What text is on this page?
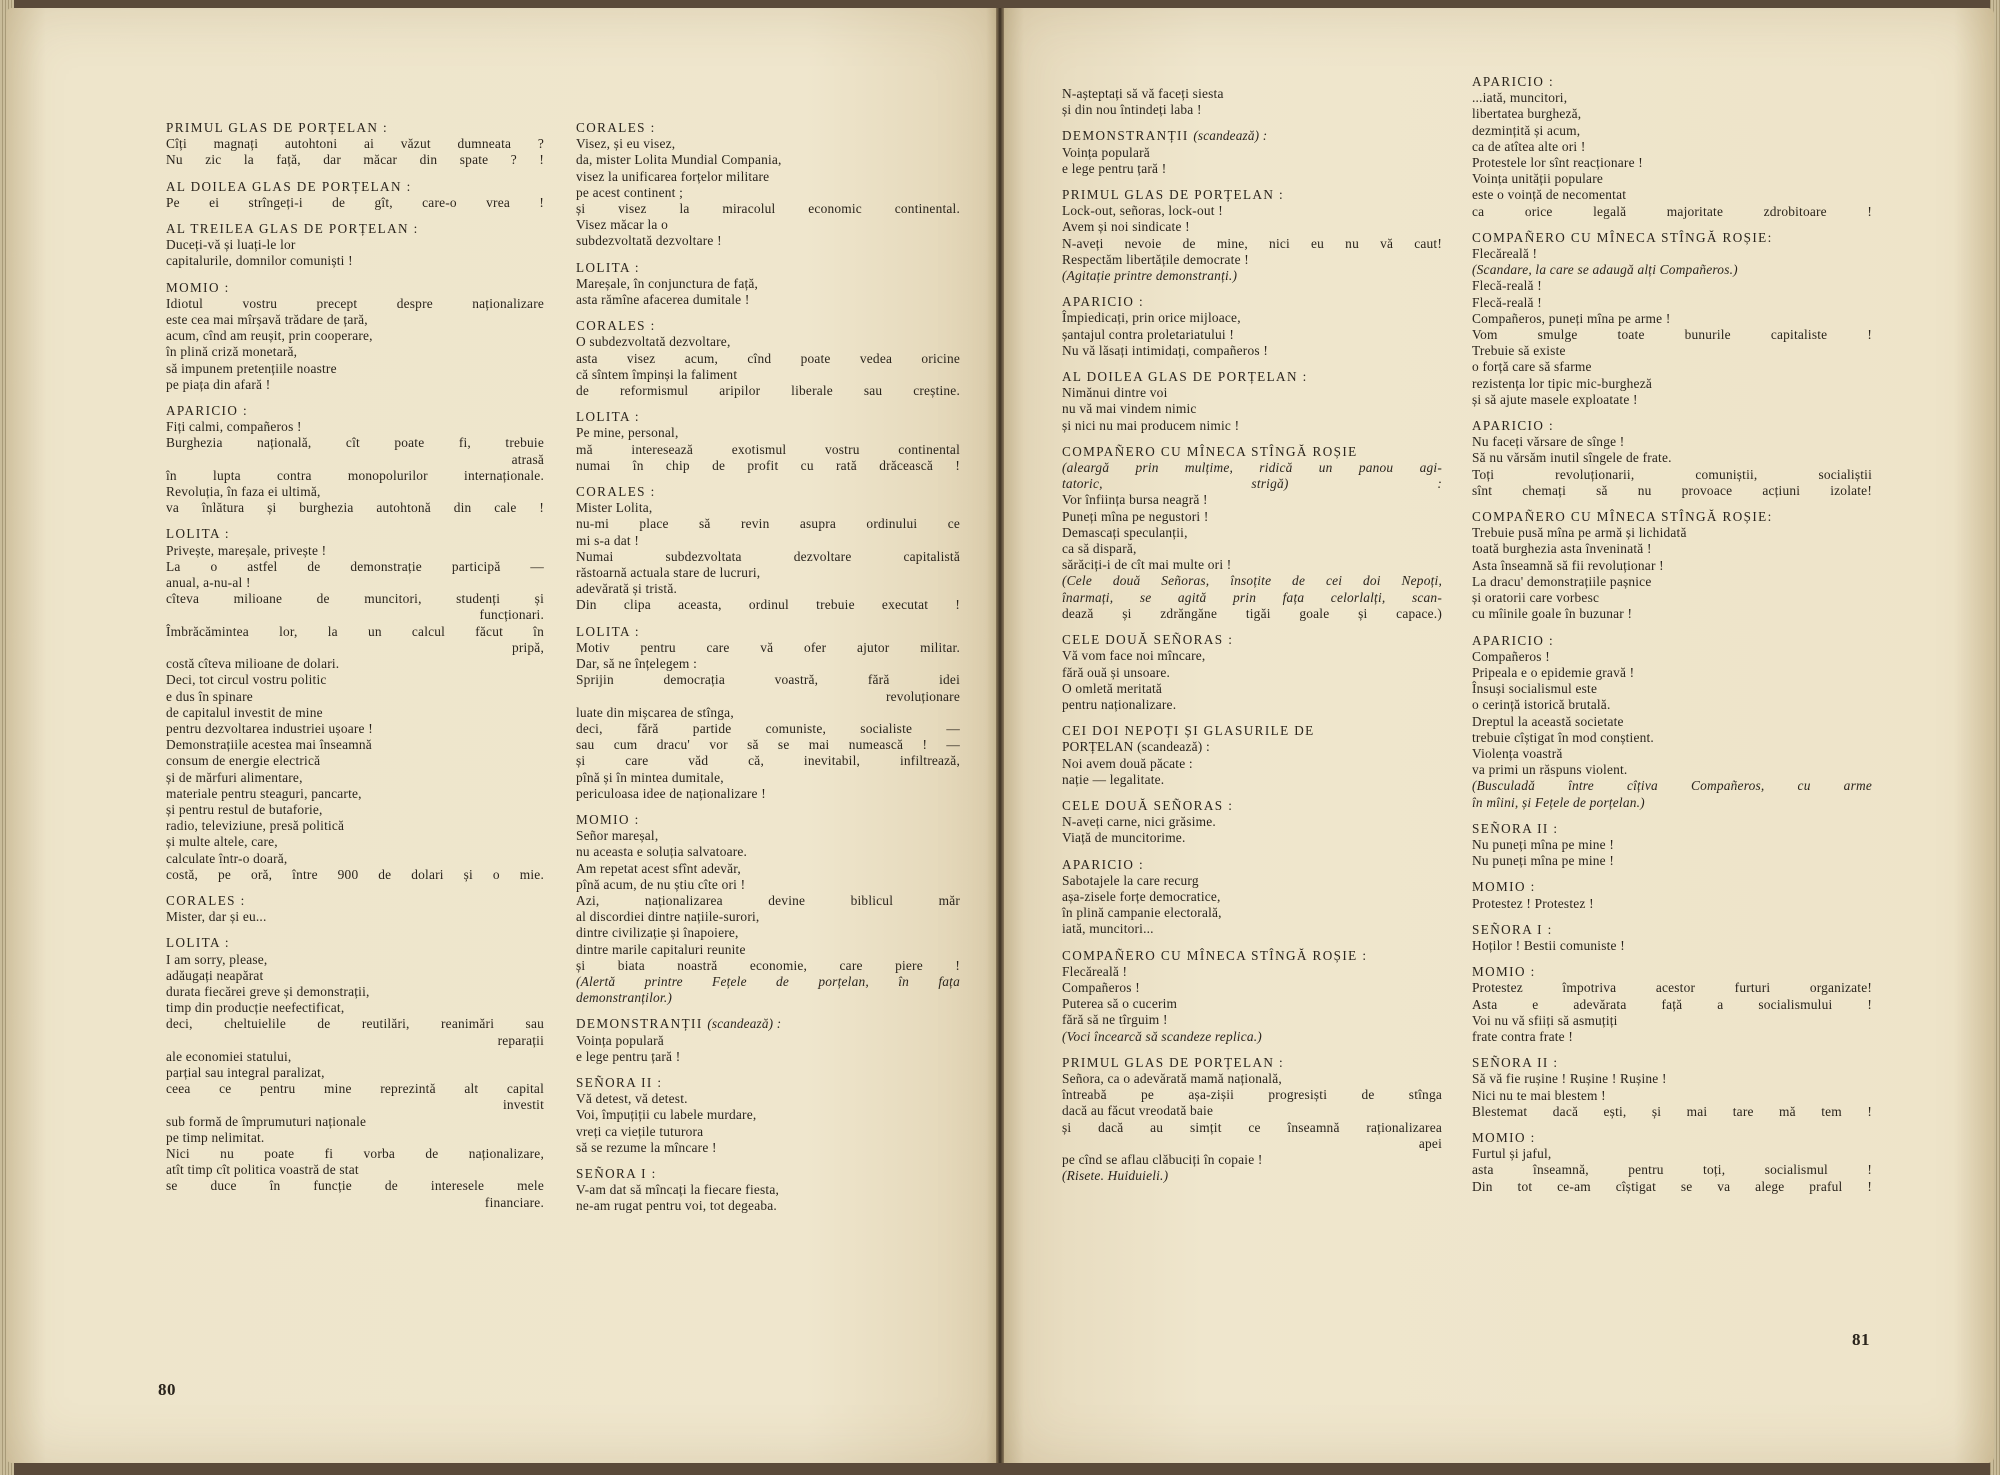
PRIMUL GLAS DE PORȚELAN :
Cîți magnați autohtoni ai văzut dumneata ?
Nu zic la față, dar măcar din spate ? !
AL DOILEA GLAS DE PORȚELAN :
Pe ei strîngeți-i de gît, care-o vrea !
AL TREILEA GLAS DE PORȚELAN :
Duceți-vă și luați-le lor
capitalurile, domnilor comuniști !
MOMIO :
Idiotul vostru precept despre naționalizare
este cea mai mîrșavă trădare de țară,
acum, cînd am reușit, prin cooperare,
în plină criză monetară,
să impunem pretențiile noastre
pe piața din afară !
APARICIO :
Fiți calmi, compañeros !
Burghezia națională, cît poate fi, trebuie
atrasă
în lupta contra monopolurilor internaționale.
Revoluția, în faza ei ultimă,
va înlătura și burghezia autohtonă din cale !
LOLITA :
Privește, mareșale, privește !
La o astfel de demonstrație participă —
anual, a-nu-al !
cîteva milioane de muncitori, studenți și
funcționari.
Îmbrăcămintea lor, la un calcul făcut în
pripă,
costă cîteva milioane de dolari.
Deci, tot circul vostru politic
e dus în spinare
de capitalul investit de mine
pentru dezvoltarea industriei ușoare !
Demonstrațiile acestea mai înseamnă
consum de energie electrică
și de mărfuri alimentare,
materiale pentru steaguri, pancarte,
și pentru restul de butaforie,
radio, televiziune, presă politică
și multe altele, care,
calculate într-o doară,
costă, pe oră, între 900 de dolari și o mie.
CORALES :
Mister, dar și eu...
LOLITA :
I am sorry, please,
adăugați neapărat
durata fiecărei greve și demonstrații,
timp din producție neefectificat,
deci, cheltuielile de reutilări, reanimări sau
reparații
ale economiei statului,
parțial sau integral paralizat,
ceea ce pentru mine reprezintă alt capital
investit
sub formă de împrumuturi naționale
pe timp nelimitat.
Nici nu poate fi vorba de naționalizare,
atît timp cît politica voastră de stat
se duce în funcție de interesele mele
financiare.
CORALES :
Visez, și eu visez,
da, mister Lolita Mundial Compania,
visez la unificarea forțelor militare
pe acest continent ;
și visez la miracolul economic continental.
Visez măcar la o
subdezvoltată dezvoltare !
LOLITA :
Mareșale, în conjunctura de față,
asta rămîne afacerea dumitale !
CORALES :
O subdezvoltată dezvoltare,
asta visez acum, cînd poate vedea oricine
că sîntem împinși la faliment
de reformismul aripilor liberale sau creștine.
LOLITA :
Pe mine, personal,
mă interesează exotismul vostru continental
numai în chip de profit cu rată drăcească !
CORALES :
Mister Lolita,
nu-mi place să revin asupra ordinului ce
mi s-a dat !
Numai subdezvoltata dezvoltare capitalistă
răstoarnă actuala stare de lucruri,
adevărată și tristă.
Din clipa aceasta, ordinul trebuie executat !
LOLITA :
Motiv pentru care vă ofer ajutor militar.
Dar, să ne înțelegem :
Sprijin democrația voastră, fără idei
revoluționare
luate din mișcarea de stînga,
deci, fără partide comuniste, socialiste —
sau cum dracu' vor să se mai numească ! —
și care văd că, inevitabil, infiltrează,
pînă și în mintea dumitale,
periculoasa idee de naționalizare !
MOMIO :
Señor mareșal,
nu aceasta e soluția salvatoare.
Am repetat acest sfînt adevăr,
pînă acum, de nu știu cîte ori !
Azi, naționalizarea devine biblicul măr
al discordiei dintre națiile-surori,
dintre civilizație și înapoiere,
dintre marile capitaluri reunite
și biata noastră economie, care piere !
(Alertă printre Fețele de porțelan, în fața
demonstranților.)
DEMONSTRANȚII (scandează) :
Voința populară
e lege pentru țară !
SEÑORA II :
Vă detest, vă detest.
Voi, împuțiții cu labele murdare,
vreți ca viețile tuturora
să se rezume la mîncare !
SEÑORA I :
V-am dat să mîncați la fiecare fiesta,
ne-am rugat pentru voi, tot degeaba.
80
N-așteptați să vă faceți siesta
și din nou întindeți laba !
DEMONSTRANȚII (scandează) :
Voința populară
e lege pentru țară !
PRIMUL GLAS DE PORȚELAN :
Lock-out, señoras, lock-out !
Avem și noi sindicate !
N-aveți nevoie de mine, nici eu nu vă caut!
Respectăm libertățile democrate !
(Agitație printre demonstranți.)
APARICIO :
Împiedicați, prin orice mijloace,
șantajul contra proletariatului !
Nu vă lăsați intimidați, compañeros !
AL DOILEA GLAS DE PORȚELAN :
Nimănui dintre voi
nu vă mai vindem nimic
și nici nu mai producem nimic !
COMPAÑERO CU MÎNECA STÎNGĂ ROȘIE
(aleargă prin mulțime, ridică un panou agi-
tatoric, strigă) :
Vor înființa bursa neagră !
Puneți mîna pe negustori !
Demascați speculanții,
ca să dispară,
sărăciți-i de cît mai multe ori !
(Cele două Señoras, însoțite de cei doi Nepoți,
înarmați, se agită prin fața celorlalți, scan-
dează și zdrăngăne tigăi goale și capace.)
CELE DOUĂ SEÑORAS :
Vă vom face noi mîncare,
fără ouă și unsoare.
O omletă meritată
pentru naționalizare.
CEI DOI NEPOȚI ȘI GLASURILE DE
PORȚELAN (scandează) :
Noi avem două păcate :
nație — legalitate.
CELE DOUĂ SEÑORAS :
N-aveți carne, nici grăsime.
Viață de muncitorime.
APARICIO :
Sabotajele la care recurg
așa-zisele forțe democratice,
în plină campanie electorală,
iată, muncitori...
COMPAÑERO CU MÎNECA STÎNGĂ ROȘIE :
Flecăreală !
Compañeros !
Puterea să o cucerim
fără să ne tîrguim !
(Voci încearcă să scandeze replica.)
PRIMUL GLAS DE PORȚELAN :
Señora, ca o adevărată mamă națională,
întreabă pe așa-zișii progresiști de stînga
dacă au făcut vreodată baie
și dacă au simțit ce înseamnă raționalizarea
apei
pe cînd se aflau clăbuciți în copaie !
(Risete. Huiduieli.)
APARICIO :
...iată, muncitori,
libertatea burgheză,
dezmințită și acum,
ca de atîtea alte ori !
Protestele lor sînt reacționare !
Voința unității populare
este o voință de necomentat
ca orice legală majoritate zdrobitoare !
COMPAÑERO CU MÎNECA STÎNGĂ ROȘIE:
Flecăreală !
(Scandare, la care se adaugă alți Compañeros.)
Flecă-reală !
Flecă-reală !
Compañeros, puneți mîna pe arme !
Vom smulge toate bunurile capitaliste !
Trebuie să existe
o forță care să sfarme
rezistența lor tipic mic-burgheză
și să ajute masele exploatate !
APARICIO :
Nu faceți vărsare de sînge !
Să nu vărsăm inutil sîngele de frate.
Toți revoluționarii, comuniștii, socialiștii
sînt chemați să nu provoace acțiuni izolate!
COMPAÑERO CU MÎNECA STÎNGĂ ROȘIE:
Trebuie pusă mîna pe armă și lichidată
toată burghezia asta înveninată !
Asta înseamnă să fii revoluționar !
La dracu' demonstrațiile pașnice
și oratorii care vorbesc
cu mîinile goale în buzunar !
APARICIO :
Compañeros !
Pripeala e o epidemie gravă !
Însuși socialismul este
o cerință istorică brutală.
Dreptul la această societate
trebuie cîștigat în mod conștient.
Violența voastră
va primi un răspuns violent.
(Busculadă între cîțiva Compañeros, cu arme
în mîini, și Fețele de porțelan.)
SEÑORA II :
Nu puneți mîna pe mine !
Nu puneți mîna pe mine !
MOMIO :
Protestez ! Protestez !
SEÑORA I :
Hoților ! Bestii comuniste !
MOMIO :
Protestez împotriva acestor furturi organizate!
Asta e adevărata față a socialismului !
Voi nu vă sfiiți să asmuțiți
frate contra frate !
SEÑORA II :
Să vă fie rușine ! Rușine ! Rușine !
Nici nu te mai blestem !
Blestemat dacă ești, și mai tare mă tem !
MOMIO :
Furtul și jaful,
asta înseamnă, pentru toți, socialismul !
Din tot ce-am cîștigat se va alege praful !
81
